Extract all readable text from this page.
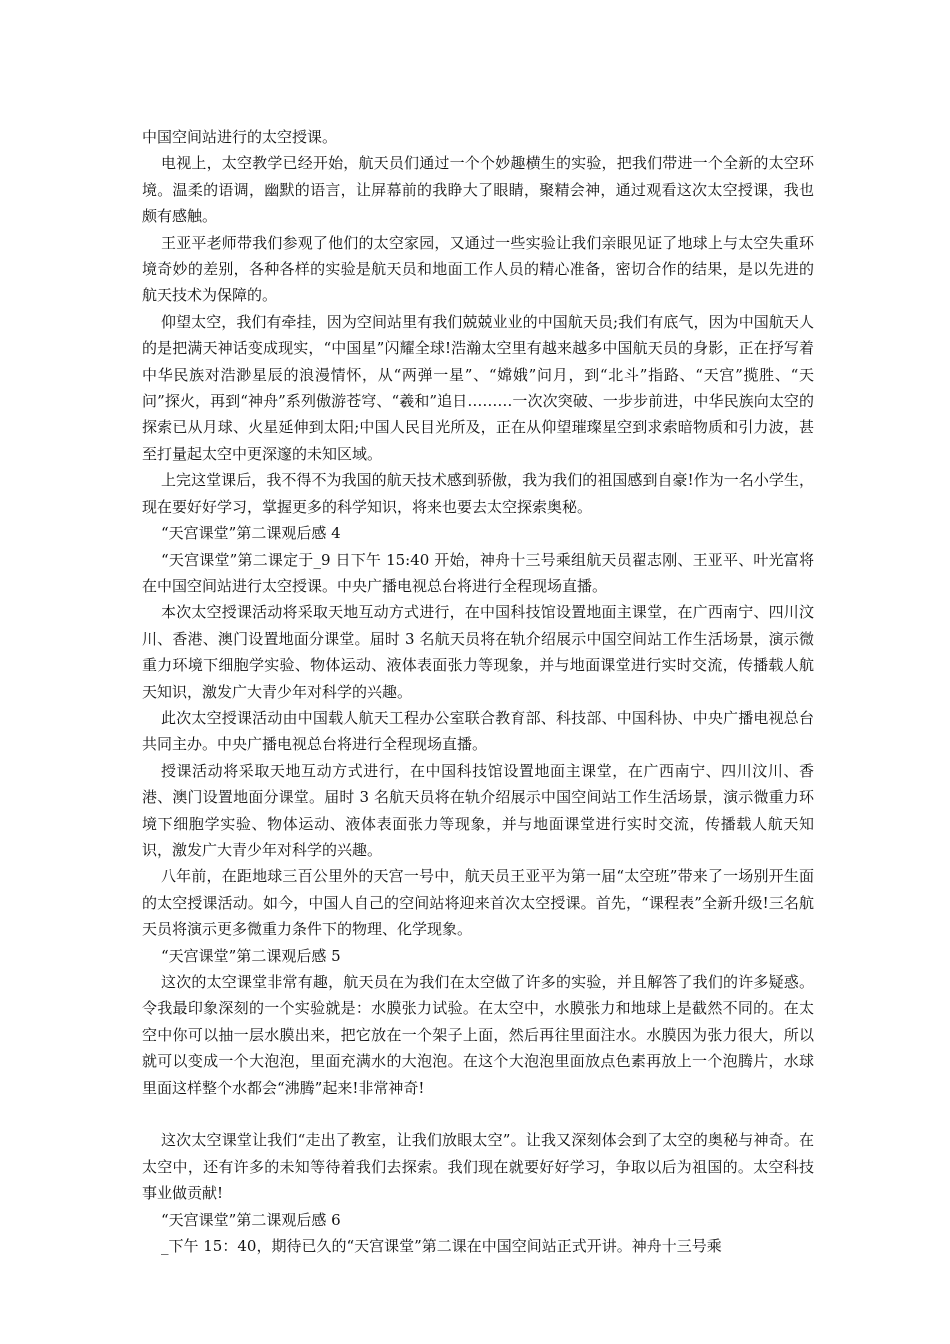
中国空间站进行的太空授课。

电视上，太空教学已经开始，航天员们通过一个个妙趣横生的实验，把我们带进一个全新的太空环境。温柔的语调，幽默的语言，让屏幕前的我睁大了眼睛，聚精会神，通过观看这次太空授课，我也颇有感触。

王亚平老师带我们参观了他们的太空家园，又通过一些实验让我们亲眼见证了地球上与太空失重环境奇妙的差别，各种各样的实验是航天员和地面工作人员的精心准备，密切合作的结果，是以先进的航天技术为保障的。

仰望太空，我们有牵挂，因为空间站里有我们兢兢业业的中国航天员;我们有底气，因为中国航天人的是把满天神话变成现实，“中国星”闪耀全球!浩瀚太空里有越来越多中国航天员的身影，正在抒写着中华民族对浩渺星辰的浪漫情怀，从“两弹一星”、“嫦娥”问月，到“北斗”指路、“天宫”揽胜、“天问”探火，再到“神舟”系列傲游苍穹、“羲和”追日………一次次突破、一步步前进，中华民族向太空的探索已从月球、火星延伸到太阳;中国人民目光所及，正在从仰望璀璨星空到求索暗物质和引力波，甚至打量起太空中更深邃的未知区域。

上完这堂课后，我不得不为我国的航天技术感到骄傲，我为我们的祖国感到自豪!作为一名小学生，现在要好好学习，掌握更多的科学知识，将来也要去太空探索奥秘。

“天宫课堂”第二课观后感 4

“天宫课堂”第二课定于_9 日下午 15:40 开始，神舟十三号乘组航天员翟志刚、王亚平、叶光富将在中国空间站进行太空授课。中央广播电视总台将进行全程现场直播。

本次太空授课活动将采取天地互动方式进行，在中国科技馆设置地面主课堂，在广西南宁、四川汶川、香港、澳门设置地面分课堂。届时 3 名航天员将在轨介绍展示中国空间站工作生活场景，演示微重力环境下细胞学实验、物体运动、液体表面张力等现象，并与地面课堂进行实时交流，传播载人航天知识，激发广大青少年对科学的兴趣。

此次太空授课活动由中国载人航天工程办公室联合教育部、科技部、中国科协、中央广播电视总台共同主办。中央广播电视总台将进行全程现场直播。

授课活动将采取天地互动方式进行，在中国科技馆设置地面主课堂，在广西南宁、四川汶川、香港、澳门设置地面分课堂。届时 3 名航天员将在轨介绍展示中国空间站工作生活场景，演示微重力环境下细胞学实验、物体运动、液体表面张力等现象，并与地面课堂进行实时交流，传播载人航天知识，激发广大青少年对科学的兴趣。

八年前，在距地球三百公里外的天宫一号中，航天员王亚平为第一届“太空班”带来了一场别开生面的太空授课活动。如今，中国人自己的空间站将迎来首次太空授课。首先，“课程表”全新升级!三名航天员将演示更多微重力条件下的物理、化学现象。

“天宫课堂”第二课观后感 5

这次的太空课堂非常有趣，航天员在为我们在太空做了许多的实验，并且解答了我们的许多疑惑。令我最印象深刻的一个实验就是：水膜张力试验。在太空中，水膜张力和地球上是截然不同的。在太空中你可以抽一层水膜出来，把它放在一个架子上面，然后再往里面注水。水膜因为张力很大，所以就可以变成一个大泡泡，里面充满水的大泡泡。在这个大泡泡里面放点色素再放上一个泡腾片，水球里面这样整个水都会“沸腾”起来!非常神奇!

这次太空课堂让我们“走出了教室，让我们放眼太空”。让我又深刻体会到了太空的奥秘与神奇。在太空中，还有许多的未知等待着我们去探索。我们现在就要好好学习，争取以后为祖国的。太空科技事业做贡献!

“天宫课堂”第二课观后感 6

_下午 15：40，期待已久的“天宫课堂”第二课在中国空间站正式开讲。神舟十三号乘
